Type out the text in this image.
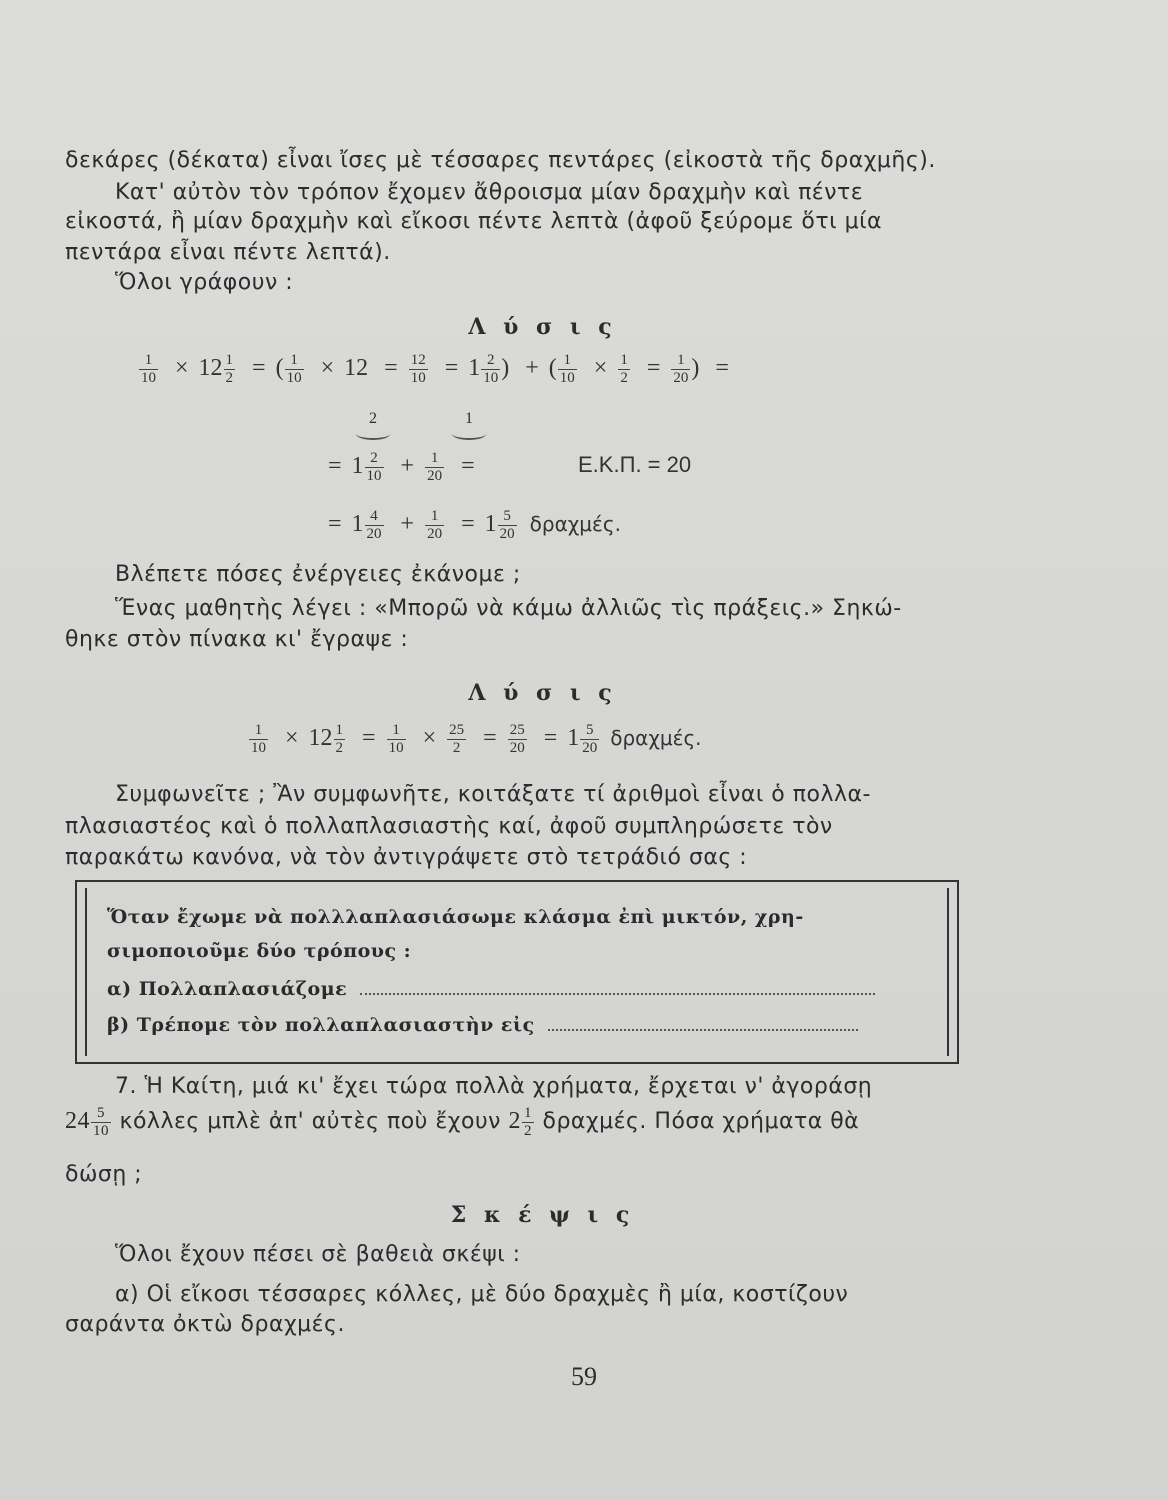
δεκάρες (δέκατα) εἶναι ἴσες μὲ τέσσαρες πεντάρες (εἰκοστὰ τῆς δραχμῆς).
Κατ' αὐτὸν τὸν τρόπον ἔχομεν ἄθροισμα μίαν δραχμὴν καὶ πέντε
εἰκοστά, ἢ μίαν δραχμὴν καὶ εἴκοσι πέντε λεπτὰ (ἀφοῦ ξεύρομε ὅτι μία
πεντάρα εἶναι πέντε λεπτά).
Ὅλοι γράφουν :
Λ ύ σ ι ς
$\frac{1}{10} \times 12 \frac{1}{2}$ = ( $\frac{1}{10} \times 12 = \frac{12}{10} = 1 \frac{2}{10}$ ) + ( $\frac{1}{10} \times \frac{1}{2} = \frac{1}{20}$ ) =
2	1
= $1 \frac{2}{10} + \frac{1}{20}$ =	Ε.Κ.Π. = 20
= $1 \frac{4}{20} + \frac{1}{20} = 1 \frac{5}{20} \delta\rho\alpha\chi\mu έ\varsigma$.
Βλέπετε πόσες ἐνέργειες ἐκάνομε ;
Ἕνας μαθητὴς λέγει : «Μπορῶ νὰ κάμω ἀλλιῶς τὶς πράξεις.» Σηκώ-
θηκε στὸν πίνακα κι' ἔγραψε :
Λ ύ σ ι ς
$\frac{1}{10} \times 12 \frac{1}{2} = \frac{1}{10} \times \frac{25}{2} = \frac{25}{20} = 1 \frac{5}{20} \delta\rho\alpha\chi\mu έ\varsigma$.
Συμφωνεῖτε ; Ἂν συμφωνῆτε, κοιτάξατε τί ἀριθμοὶ εἶναι ὁ πολλα-
πλασιαστέος καὶ ὁ πολλαπλασιαστὴς καί, ἀφοῦ συμπληρώσετε τὸν
παρακάτω κανόνα, νὰ τὸν ἀντιγράψετε στὸ τετράδιό σας :
Ὅταν ἔχωμε νὰ πολλλαπλασιάσωμε κλάσμα ἐπὶ μικτόν, χρη-
σιμοποιοῦμε δύο τρόπους :
α) Πολλαπλασιάζομε
β) Τρέπομε τὸν πολλαπλασιαστὴν εἰς
7. Ἡ Καίτη, μιά κι' ἔχει τώρα πολλὰ χρήματα, ἔρχεται ν' ἀγοράσῃ
$24 \frac{5}{10}$ κόλλες μπλὲ ἀπ' αὐτὲς ποὺ ἔχουν $2 \frac{1}{2} \delta\rho\alpha\chi\mu έ\varsigma$. Πόσα χρήματα θὰ
δώσῃ ;
Σ κ έ ψ ι ς
Ὅλοι ἔχουν πέσει σὲ βαθειὰ σκέψι :
α) Οἱ εἴκοσι τέσσαρες κόλλες, μὲ δύο δραχμὲς ἢ μία, κοστίζουν
σαράντα ὀκτὼ δραχμές.
59
